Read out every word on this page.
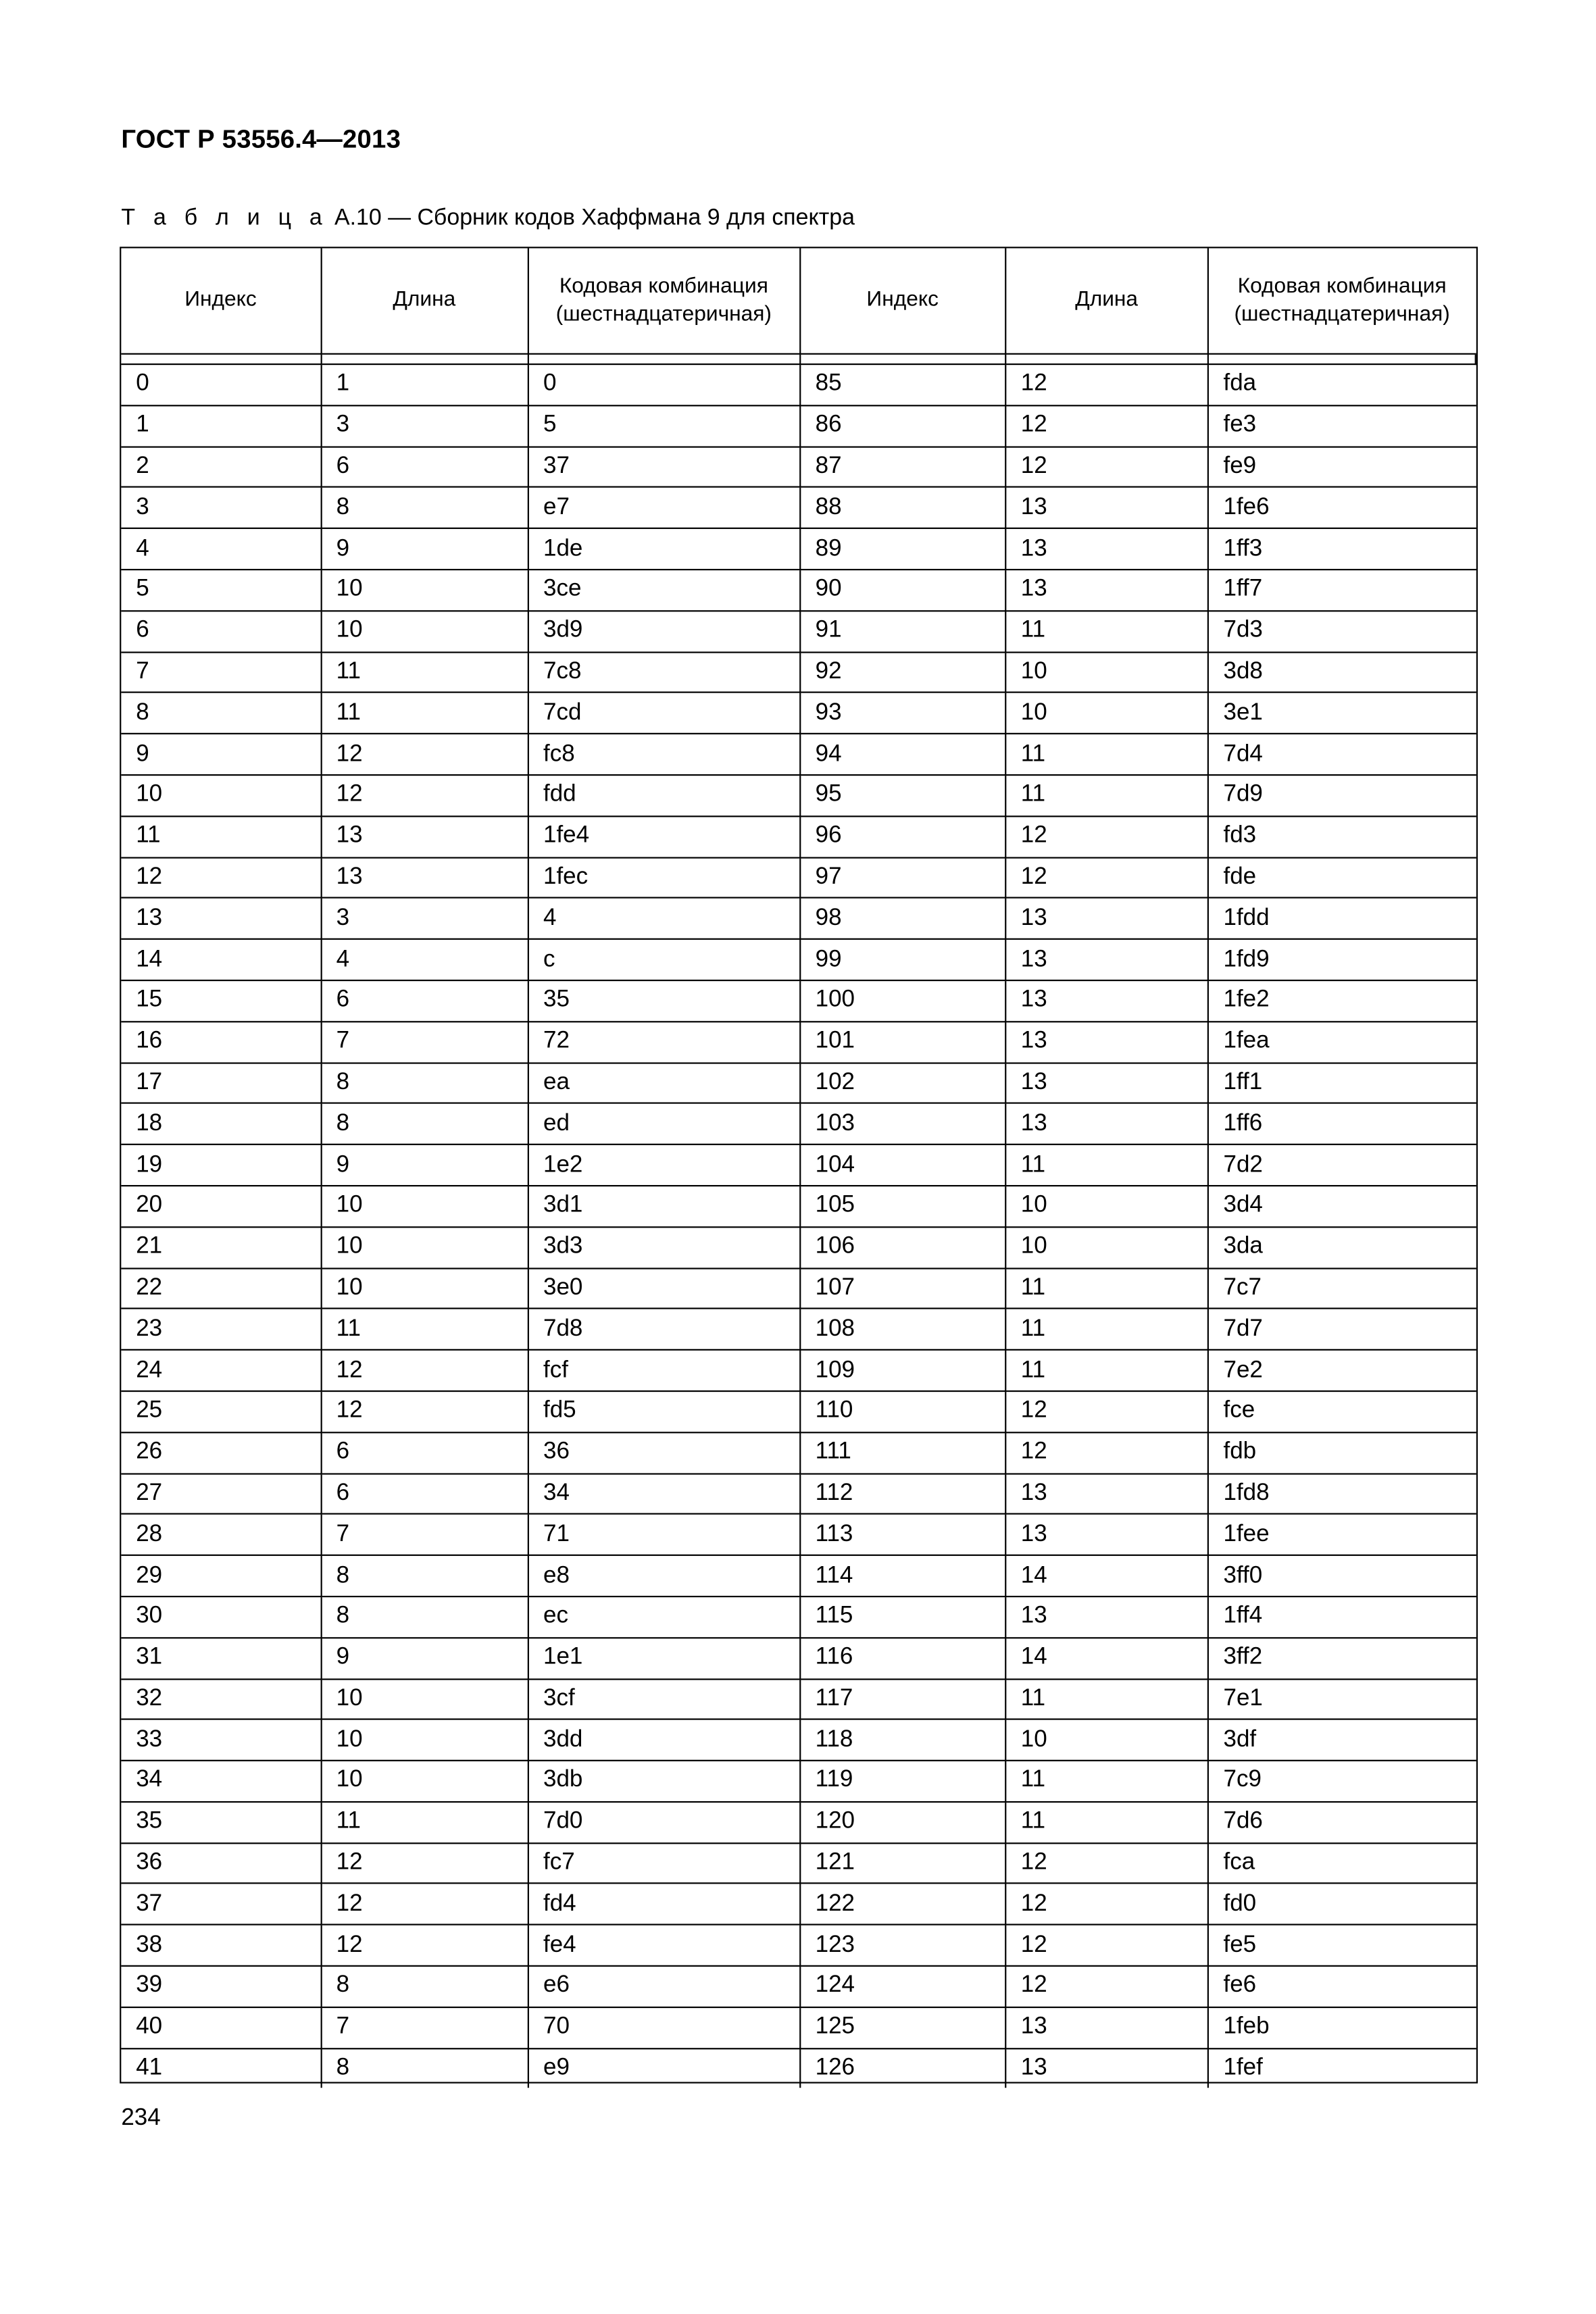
ГОСТ Р 53556.4—2013
Т а б л и ц а А.10 — Сборник кодов Хаффмана 9 для спектра
Индекс	Длина	Кодовая комбинация (шестнадцатеричная)	Индекс	Длина	Кодовая комбинация (шестнадцатеричная)

0	1	0	85	12	fda
1	3	5	86	12	fe3
2	6	37	87	12	fe9
3	8	e7	88	13	1fe6
4	9	1de	89	13	1ff3
5	10	3ce	90	13	1ff7
6	10	3d9	91	11	7d3
7	11	7c8	92	10	3d8
8	11	7cd	93	10	3e1
9	12	fc8	94	11	7d4
10	12	fdd	95	11	7d9
11	13	1fe4	96	12	fd3
12	13	1fec	97	12	fde
13	3	4	98	13	1fdd
14	4	c	99	13	1fd9
15	6	35	100	13	1fe2
16	7	72	101	13	1fea
17	8	ea	102	13	1ff1
18	8	ed	103	13	1ff6
19	9	1e2	104	11	7d2
20	10	3d1	105	10	3d4
21	10	3d3	106	10	3da
22	10	3e0	107	11	7c7
23	11	7d8	108	11	7d7
24	12	fcf	109	11	7e2
25	12	fd5	110	12	fce
26	6	36	111	12	fdb
27	6	34	112	13	1fd8
28	7	71	113	13	1fee
29	8	e8	114	14	3ff0
30	8	ec	115	13	1ff4
31	9	1e1	116	14	3ff2
32	10	3cf	117	11	7e1
33	10	3dd	118	10	3df
34	10	3db	119	11	7c9
35	11	7d0	120	11	7d6
36	12	fc7	121	12	fca
37	12	fd4	122	12	fd0
38	12	fe4	123	12	fe5
39	8	e6	124	12	fe6
40	7	70	125	13	1feb
41	8	e9	126	13	1fef
234
